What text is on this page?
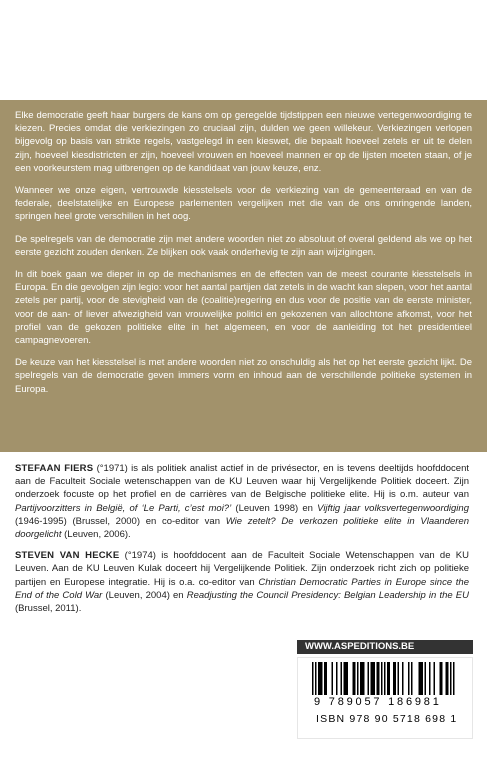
Elke democratie geeft haar burgers de kans om op geregelde tijdstippen een nieuwe vertegenwoordiging te kiezen. Precies omdat die verkiezingen zo cruciaal zijn, dulden we geen willekeur. Verkiezingen verlopen bijgevolg op basis van strikte regels, vastgelegd in een kieswet, die bepaalt hoeveel zetels er uit te delen zijn, hoeveel kiesdistricten er zijn, hoeveel vrouwen en hoeveel mannen er op de lijsten moeten staan, of je een voorkeurstem mag uitbrengen op de kandidaat van jouw keuze, enz.

Wanneer we onze eigen, vertrouwde kiesstelsels voor de verkiezing van de gemeenteraad en van de federale, deelstatelijke en Europese parlementen vergelijken met die van de ons omringende landen, springen heel grote verschillen in het oog.

De spelregels van de democratie zijn met andere woorden niet zo absoluut of overal geldend als we op het eerste gezicht zouden denken. Ze blijken ook vaak onderhevig te zijn aan wijzigingen.

In dit boek gaan we dieper in op de mechanismes en de effecten van de meest courante kiesstelsels in Europa. En die gevolgen zijn legio: voor het aantal partijen dat zetels in de wacht kan slepen, voor het aantal zetels per partij, voor de stevigheid van de (coalitie)regering en dus voor de positie van de eerste minister, voor de aan- of liever afwezigheid van vrouwelijke politici en gekozenen van allochtone afkomst, voor het profiel van de gekozen politieke elite in het algemeen, en voor de aanleiding tot het presidentieel campagnevoeren.

De keuze van het kiesstelsel is met andere woorden niet zo onschuldig als het op het eerste gezicht lijkt. De spelregels van de democratie geven immers vorm en inhoud aan de verschillende politieke systemen in Europa.

STEFAAN FIERS (°1971) is als politiek analist actief in de privésector, en is tevens deeltijds hoofddocent aan de Faculteit Sociale wetenschappen van de KU Leuven waar hij Vergelijkende Politiek doceert. Zijn onderzoek focuste op het profiel en de carrières van de Belgische politieke elite. Hij is o.m. auteur van Partijvoorzitters in België, of ‘Le Parti, c’est moi?’ (Leuven 1998) en Vijftig jaar volksvertegenwoordiging (1946-1995) (Brussel, 2000) en co-editor van Wie zetelt? De verkozen politieke elite in Vlaanderen doorgelicht (Leuven, 2006).

STEVEN VAN HECKE (°1974) is hoofddocent aan de Faculteit Sociale Wetenschappen van de KU Leuven. Aan de KU Leuven Kulak doceert hij Vergelijkende Politiek. Zijn onderzoek richt zich op politieke partijen en Europese integratie. Hij is o.a. co-editor van Christian Democratic Parties in Europe since the End of the Cold War (Leuven, 2004) en Readjusting the Council Presidency: Belgian Leadership in the EU (Brussel, 2011).

WWW.ASPEDITIONS.BE
9 789057 186981
ISBN 978 90 5718 698 1
